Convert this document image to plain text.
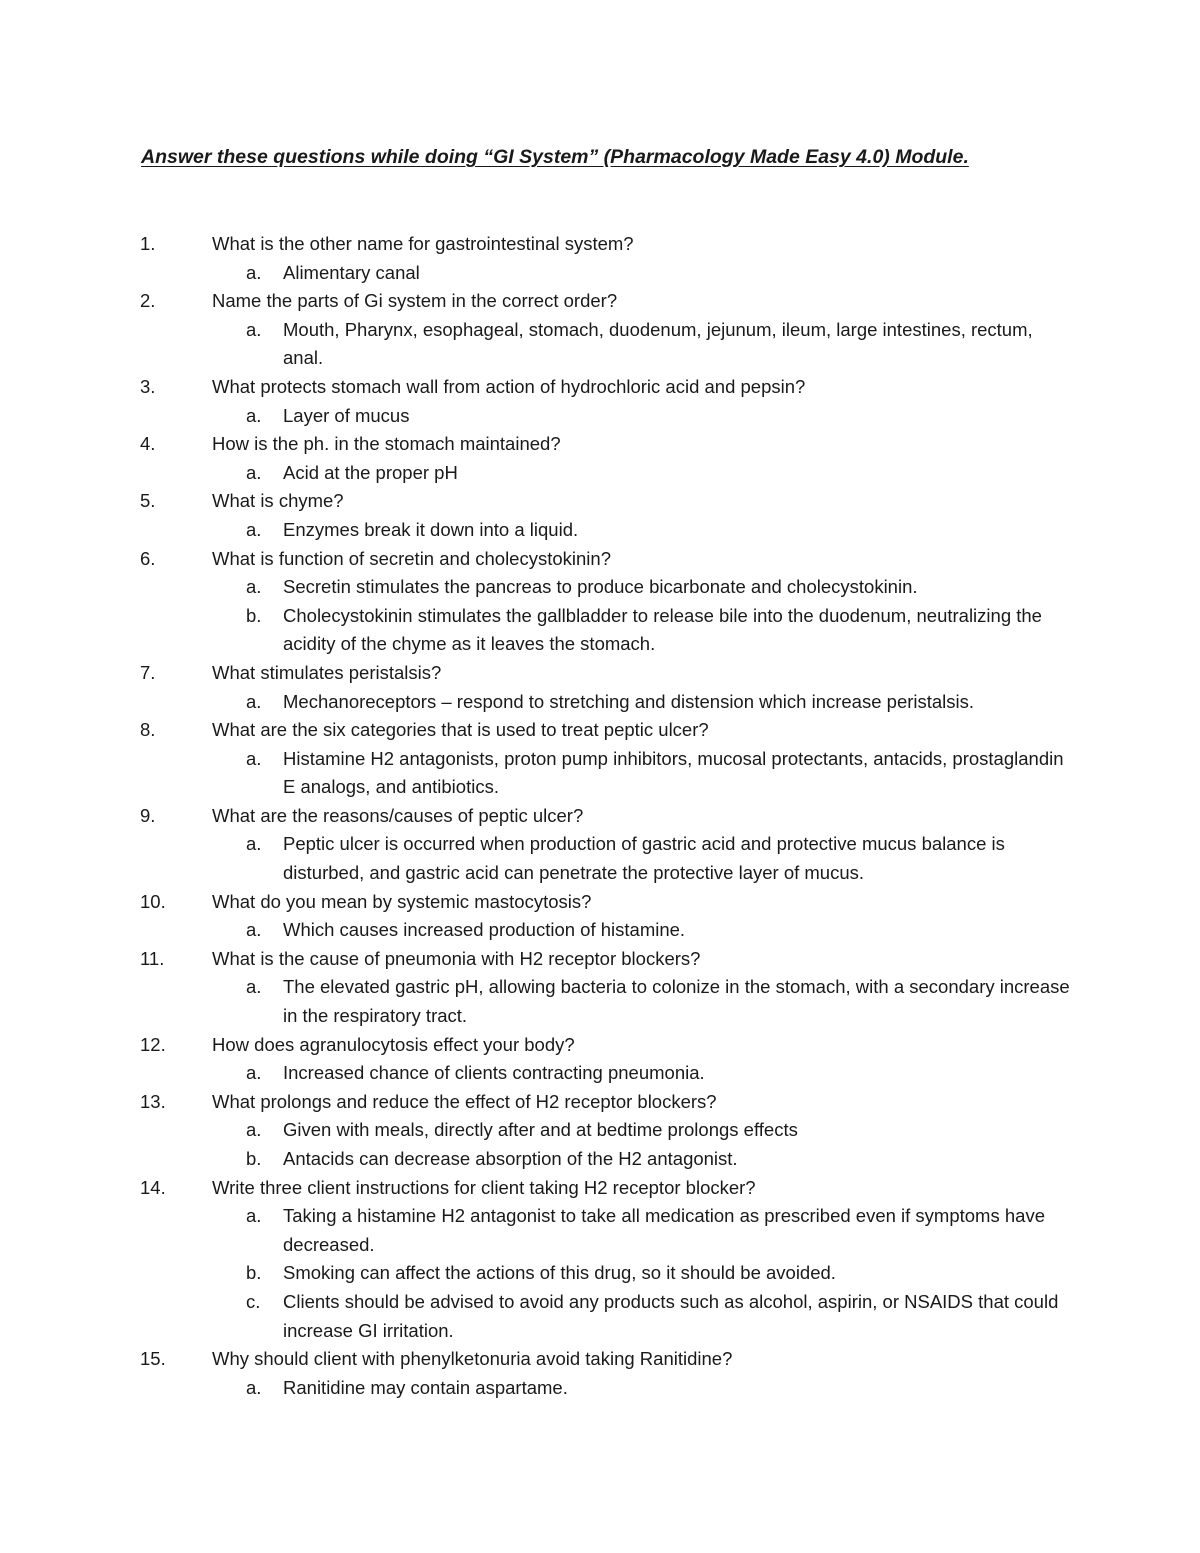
Answer these questions while doing “GI System” (Pharmacology Made Easy 4.0) Module.
1.	What is the other name for gastrointestinal system?
a.	Alimentary canal
2.	Name the parts of Gi system in the correct order?
a.	Mouth, Pharynx, esophageal, stomach, duodenum, jejunum, ileum, large intestines, rectum, anal.
3.	What protects stomach wall from action of hydrochloric acid and pepsin?
a.	Layer of mucus
4.	How is the ph. in the stomach maintained?
a.	Acid at the proper pH
5.	What is chyme?
a.	Enzymes break it down into a liquid.
6.	What is function of secretin and cholecystokinin?
a.	Secretin stimulates the pancreas to produce bicarbonate and cholecystokinin.
b.	Cholecystokinin stimulates the gallbladder to release bile into the duodenum, neutralizing the acidity of the chyme as it leaves the stomach.
7.	What stimulates peristalsis?
a.	Mechanoreceptors – respond to stretching and distension which increase peristalsis.
8.	What are the six categories that is used to treat peptic ulcer?
a.	Histamine H2 antagonists, proton pump inhibitors, mucosal protectants, antacids, prostaglandin E analogs, and antibiotics.
9.	What are the reasons/causes of peptic ulcer?
a.	Peptic ulcer is occurred when production of gastric acid and protective mucus balance is disturbed, and gastric acid can penetrate the protective layer of mucus.
10.	What do you mean by systemic mastocytosis?
a.	Which causes increased production of histamine.
11.	What is the cause of pneumonia with H2 receptor blockers?
a.	The elevated gastric pH, allowing bacteria to colonize in the stomach, with a secondary increase in the respiratory tract.
12.	How does agranulocytosis effect your body?
a.	Increased chance of clients contracting pneumonia.
13.	What prolongs and reduce the effect of H2 receptor blockers?
a.	Given with meals, directly after and at bedtime prolongs effects
b.	Antacids can decrease absorption of the H2 antagonist.
14.	Write three client instructions for client taking H2 receptor blocker?
a.	Taking a histamine H2 antagonist to take all medication as prescribed even if symptoms have decreased.
b.	Smoking can affect the actions of this drug, so it should be avoided.
c.	Clients should be advised to avoid any products such as alcohol, aspirin, or NSAIDS that could increase GI irritation.
15.	Why should client with phenylketonuria avoid taking Ranitidine?
a.	Ranitidine may contain aspartame.
